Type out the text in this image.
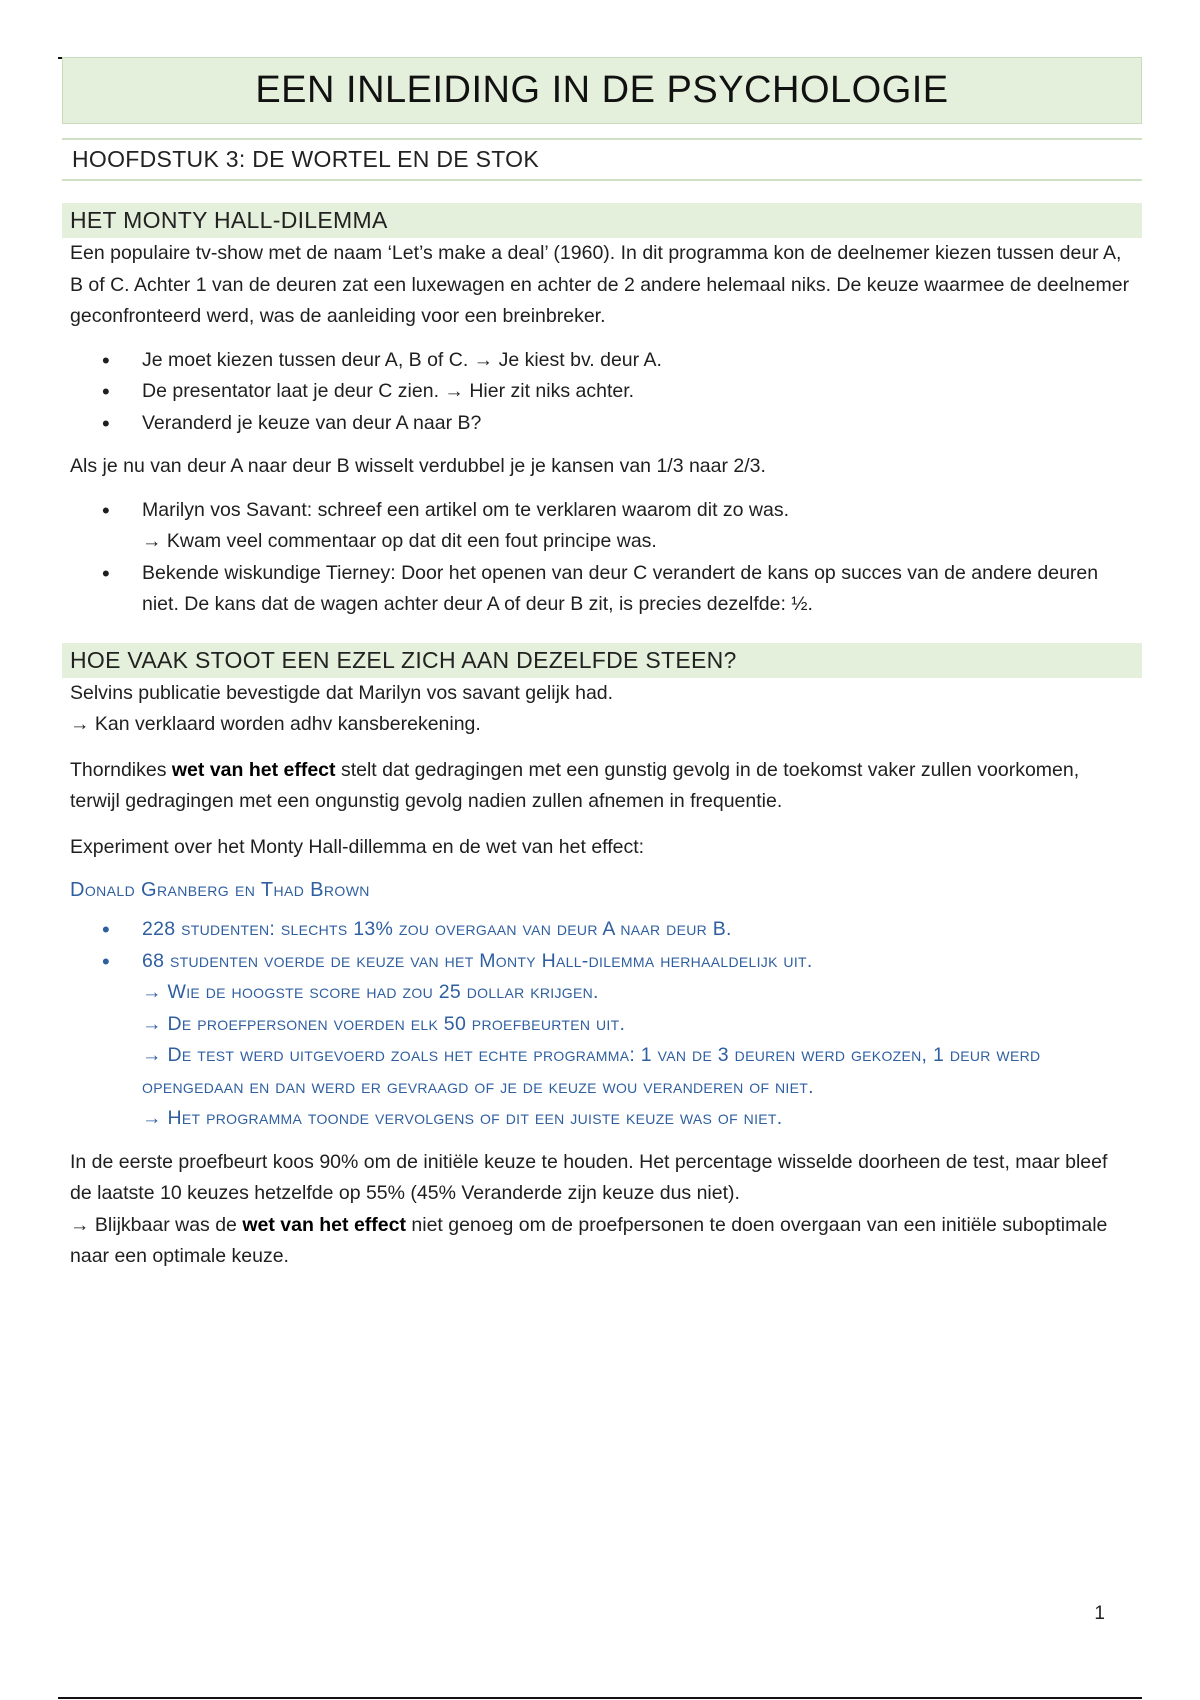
EEN INLEIDING IN DE PSYCHOLOGIE
HOOFDSTUK 3: DE WORTEL EN DE STOK
HET MONTY HALL-DILEMMA

Een populaire tv-show met de naam ‘Let’s make a deal’ (1960). In dit programma kon de deelnemer kiezen tussen deur A, B of C. Achter 1 van de deuren zat een luxewagen en achter de 2 andere helemaal niks. De keuze waarmee de deelnemer geconfronteerd werd, was de aanleiding voor een breinbreker.

• Je moet kiezen tussen deur A, B of C. → Je kiest bv. deur A.
• De presentator laat je deur C zien. → Hier zit niks achter.
• Veranderd je keuze van deur A naar B?

Als je nu van deur A naar deur B wisselt verdubbel je je kansen van 1/3 naar 2/3.

• Marilyn vos Savant: schreef een artikel om te verklaren waarom dit zo was.
→ Kwam veel commentaar op dat dit een fout principe was.
• Bekende wiskundige Tierney: Door het openen van deur C verandert de kans op succes van de andere deuren niet. De kans dat de wagen achter deur A of deur B zit, is precies dezelfde: ½.
HOE VAAK STOOT EEN EZEL ZICH AAN DEZELFDE STEEN?

Selvins publicatie bevestigde dat Marilyn vos savant gelijk had.

→ Kan verklaard worden adhv kansberekening.

Thorndikes wet van het effect stelt dat gedragingen met een gunstig gevolg in de toekomst vaker zullen voorkomen, terwijl gedragingen met een ongunstig gevolg nadien zullen afnemen in frequentie.

Experiment over het Monty Hall-dillemma en de wet van het effect:

Donald Granberg en Thad Brown
• 228 studenten: slechts 13% zou overgaan van deur A naar deur B.
• 68 studenten voerde de keuze van het Monty Hall-dilemma herhaaldelijk uit.
→ Wie de hoogste score had zou 25 dollar krijgen.
→ De proefpersonen voerden elk 50 proefbeurten uit.
→ De test werd uitgevoerd zoals het echte programma: 1 van de 3 deuren werd gekozen, 1 deur werd opengedaan en dan werd er gevraagd of je de keuze wou veranderen of niet.
→ Het programma toonde vervolgens of dit een juiste keuze was of niet.

In de eerste proefbeurt koos 90% om de initiële keuze te houden. Het percentage wisselde doorheen de test, maar bleef de laatste 10 keuzes hetzelfde op 55% (45% Veranderde zijn keuze dus niet).

→ Blijkbaar was de wet van het effect niet genoeg om de proefpersonen te doen overgaan van een initiële suboptimale naar een optimale keuze.

1
